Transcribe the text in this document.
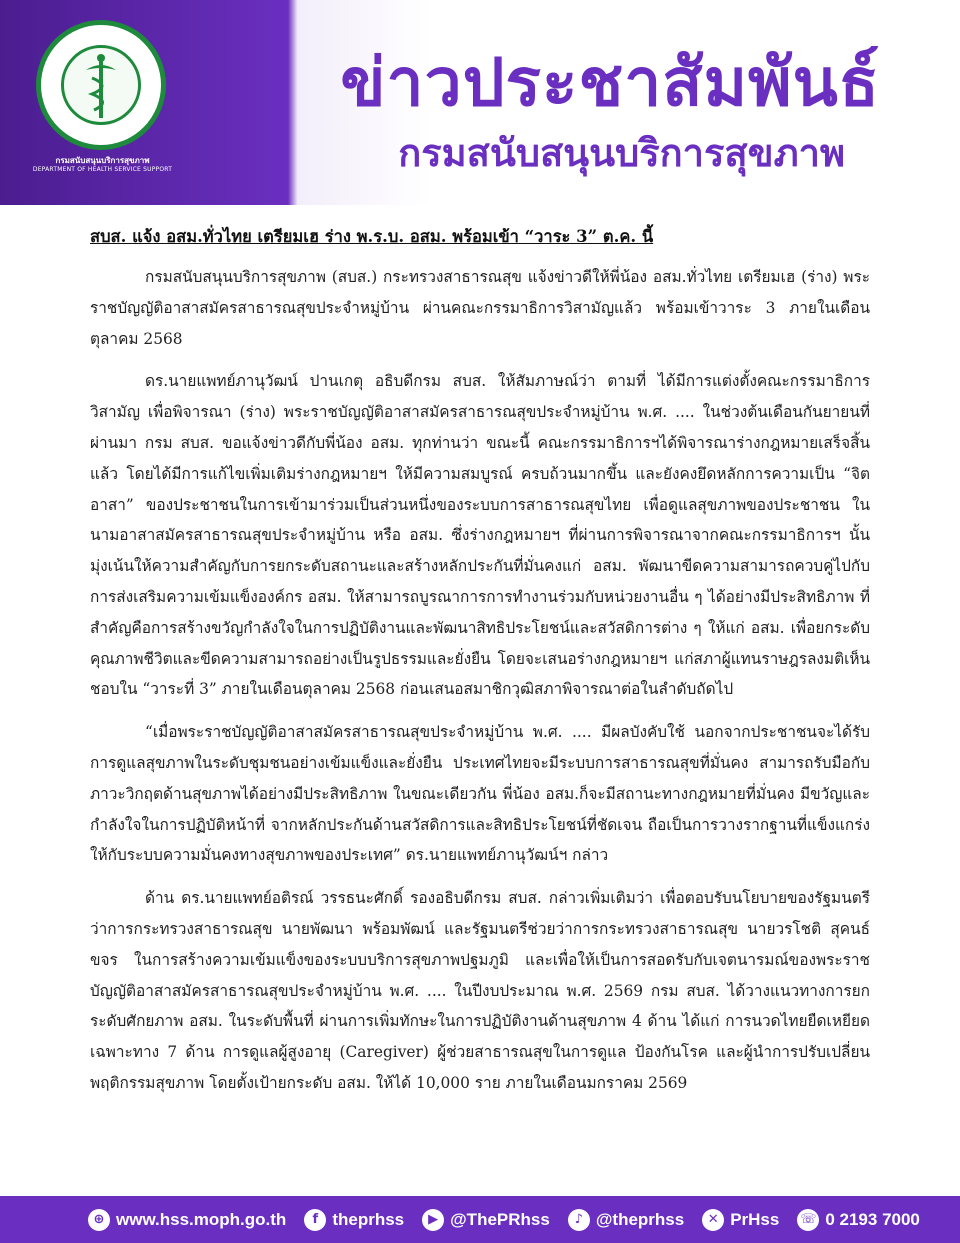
กรมสนับสนุนบริการสุขภาพ
DEPARTMENT OF HEALTH SERVICE SUPPORT
ข่าวประชาสัมพันธ์
กรมสนับสนุนบริการสุขภาพ
สบส. แจ้ง อสม.ทั่วไทย เตรียมเฮ ร่าง พ.ร.บ. อสม. พร้อมเข้า “วาระ 3” ต.ค. นี้

กรมสนับสนุนบริการสุขภาพ (สบส.) กระทรวงสาธารณสุข แจ้งข่าวดีให้พี่น้อง อสม.ทั่วไทย เตรียมเฮ (ร่าง) พระราชบัญญัติอาสาสมัครสาธารณสุขประจำหมู่บ้าน ผ่านคณะกรรมาธิการวิสามัญแล้ว พร้อมเข้าวาระ 3 ภายในเดือนตุลาคม 2568

ดร.นายแพทย์ภานุวัฒน์ ปานเกตุ อธิบดีกรม สบส. ให้สัมภาษณ์ว่า ตามที่ ได้มีการแต่งตั้งคณะกรรมาธิการวิสามัญ เพื่อพิจารณา (ร่าง) พระราชบัญญัติอาสาสมัครสาธารณสุขประจำหมู่บ้าน พ.ศ. .... ในช่วงต้นเดือนกันยายนที่ผ่านมา กรม สบส. ขอแจ้งข่าวดีกับพี่น้อง อสม. ทุกท่านว่า ขณะนี้ คณะกรรมาธิการฯได้พิจารณาร่างกฎหมายเสร็จสิ้นแล้ว โดยได้มีการแก้ไขเพิ่มเติมร่างกฎหมายฯ ให้มีความสมบูรณ์ ครบถ้วนมากขึ้น และยังคงยึดหลักการความเป็น “จิตอาสา” ของประชาชนในการเข้ามาร่วมเป็นส่วนหนึ่งของระบบการสาธารณสุขไทย เพื่อดูแลสุขภาพของประชาชน ในนามอาสาสมัครสาธารณสุขประจำหมู่บ้าน หรือ อสม. ซึ่งร่างกฎหมายฯ ที่ผ่านการพิจารณาจากคณะกรรมาธิการฯ นั้น มุ่งเน้นให้ความสำคัญกับการยกระดับสถานะและสร้างหลักประกันที่มั่นคงแก่ อสม. พัฒนาขีดความสามารถควบคู่ไปกับการส่งเสริมความเข้มแข็งองค์กร อสม. ให้สามารถบูรณาการการทำงานร่วมกับหน่วยงานอื่น ๆ ได้อย่างมีประสิทธิภาพ ที่สำคัญคือการสร้างขวัญกำลังใจในการปฏิบัติงานและพัฒนาสิทธิประโยชน์และสวัสดิการต่าง ๆ ให้แก่ อสม. เพื่อยกระดับคุณภาพชีวิตและขีดความสามารถอย่างเป็นรูปธรรมและยั่งยืน โดยจะเสนอร่างกฎหมายฯ แก่สภาผู้แทนราษฎรลงมติเห็นชอบใน “วาระที่ 3” ภายในเดือนตุลาคม 2568 ก่อนเสนอสมาชิกวุฒิสภาพิจารณาต่อในลำดับถัดไป

“เมื่อพระราชบัญญัติอาสาสมัครสาธารณสุขประจำหมู่บ้าน พ.ศ. .... มีผลบังคับใช้ นอกจากประชาชนจะได้รับการดูแลสุขภาพในระดับชุมชนอย่างเข้มแข็งและยั่งยืน ประเทศไทยจะมีระบบการสาธารณสุขที่มั่นคง สามารถรับมือกับภาวะวิกฤตด้านสุขภาพได้อย่างมีประสิทธิภาพ ในขณะเดียวกัน พี่น้อง อสม.ก็จะมีสถานะทางกฎหมายที่มั่นคง มีขวัญและกำลังใจในการปฏิบัติหน้าที่ จากหลักประกันด้านสวัสดิการและสิทธิประโยชน์ที่ชัดเจน ถือเป็นการวางรากฐานที่แข็งแกร่งให้กับระบบความมั่นคงทางสุขภาพของประเทศ” ดร.นายแพทย์ภานุวัฒน์ฯ กล่าว

ด้าน ดร.นายแพทย์อติรณ์ วรรธนะศักดิ์ รองอธิบดีกรม สบส. กล่าวเพิ่มเติมว่า เพื่อตอบรับนโยบายของรัฐมนตรีว่าการกระทรวงสาธารณสุข นายพัฒนา พร้อมพัฒน์ และรัฐมนตรีช่วยว่าการกระทรวงสาธารณสุข นายวรโชติ สุคนธ์ขจร ในการสร้างความเข้มแข็งของระบบบริการสุขภาพปฐมภูมิ และเพื่อให้เป็นการสอดรับกับเจตนารมณ์ของพระราชบัญญัติอาสาสมัครสาธารณสุขประจำหมู่บ้าน พ.ศ. .... ในปีงบประมาณ พ.ศ. 2569 กรม สบส. ได้วางแนวทางการยกระดับศักยภาพ อสม. ในระดับพื้นที่ ผ่านการเพิ่มทักษะในการปฏิบัติงานด้านสุขภาพ 4 ด้าน ได้แก่ การนวดไทยยืดเหยียดเฉพาะทาง 7 ด้าน การดูแลผู้สูงอายุ (Caregiver) ผู้ช่วยสาธารณสุขในการดูแล ป้องกันโรค และผู้นำการปรับเปลี่ยนพฤติกรรมสุขภาพ โดยตั้งเป้ายกระดับ อสม. ให้ได้ 10,000 ราย ภายในเดือนมกราคม 2569

⊕ www.hss.moph.go.th	f theprhss	▶ @ThePRhss	♪ @theprhss	✕ PrHss ☏ 0 2193 7000
